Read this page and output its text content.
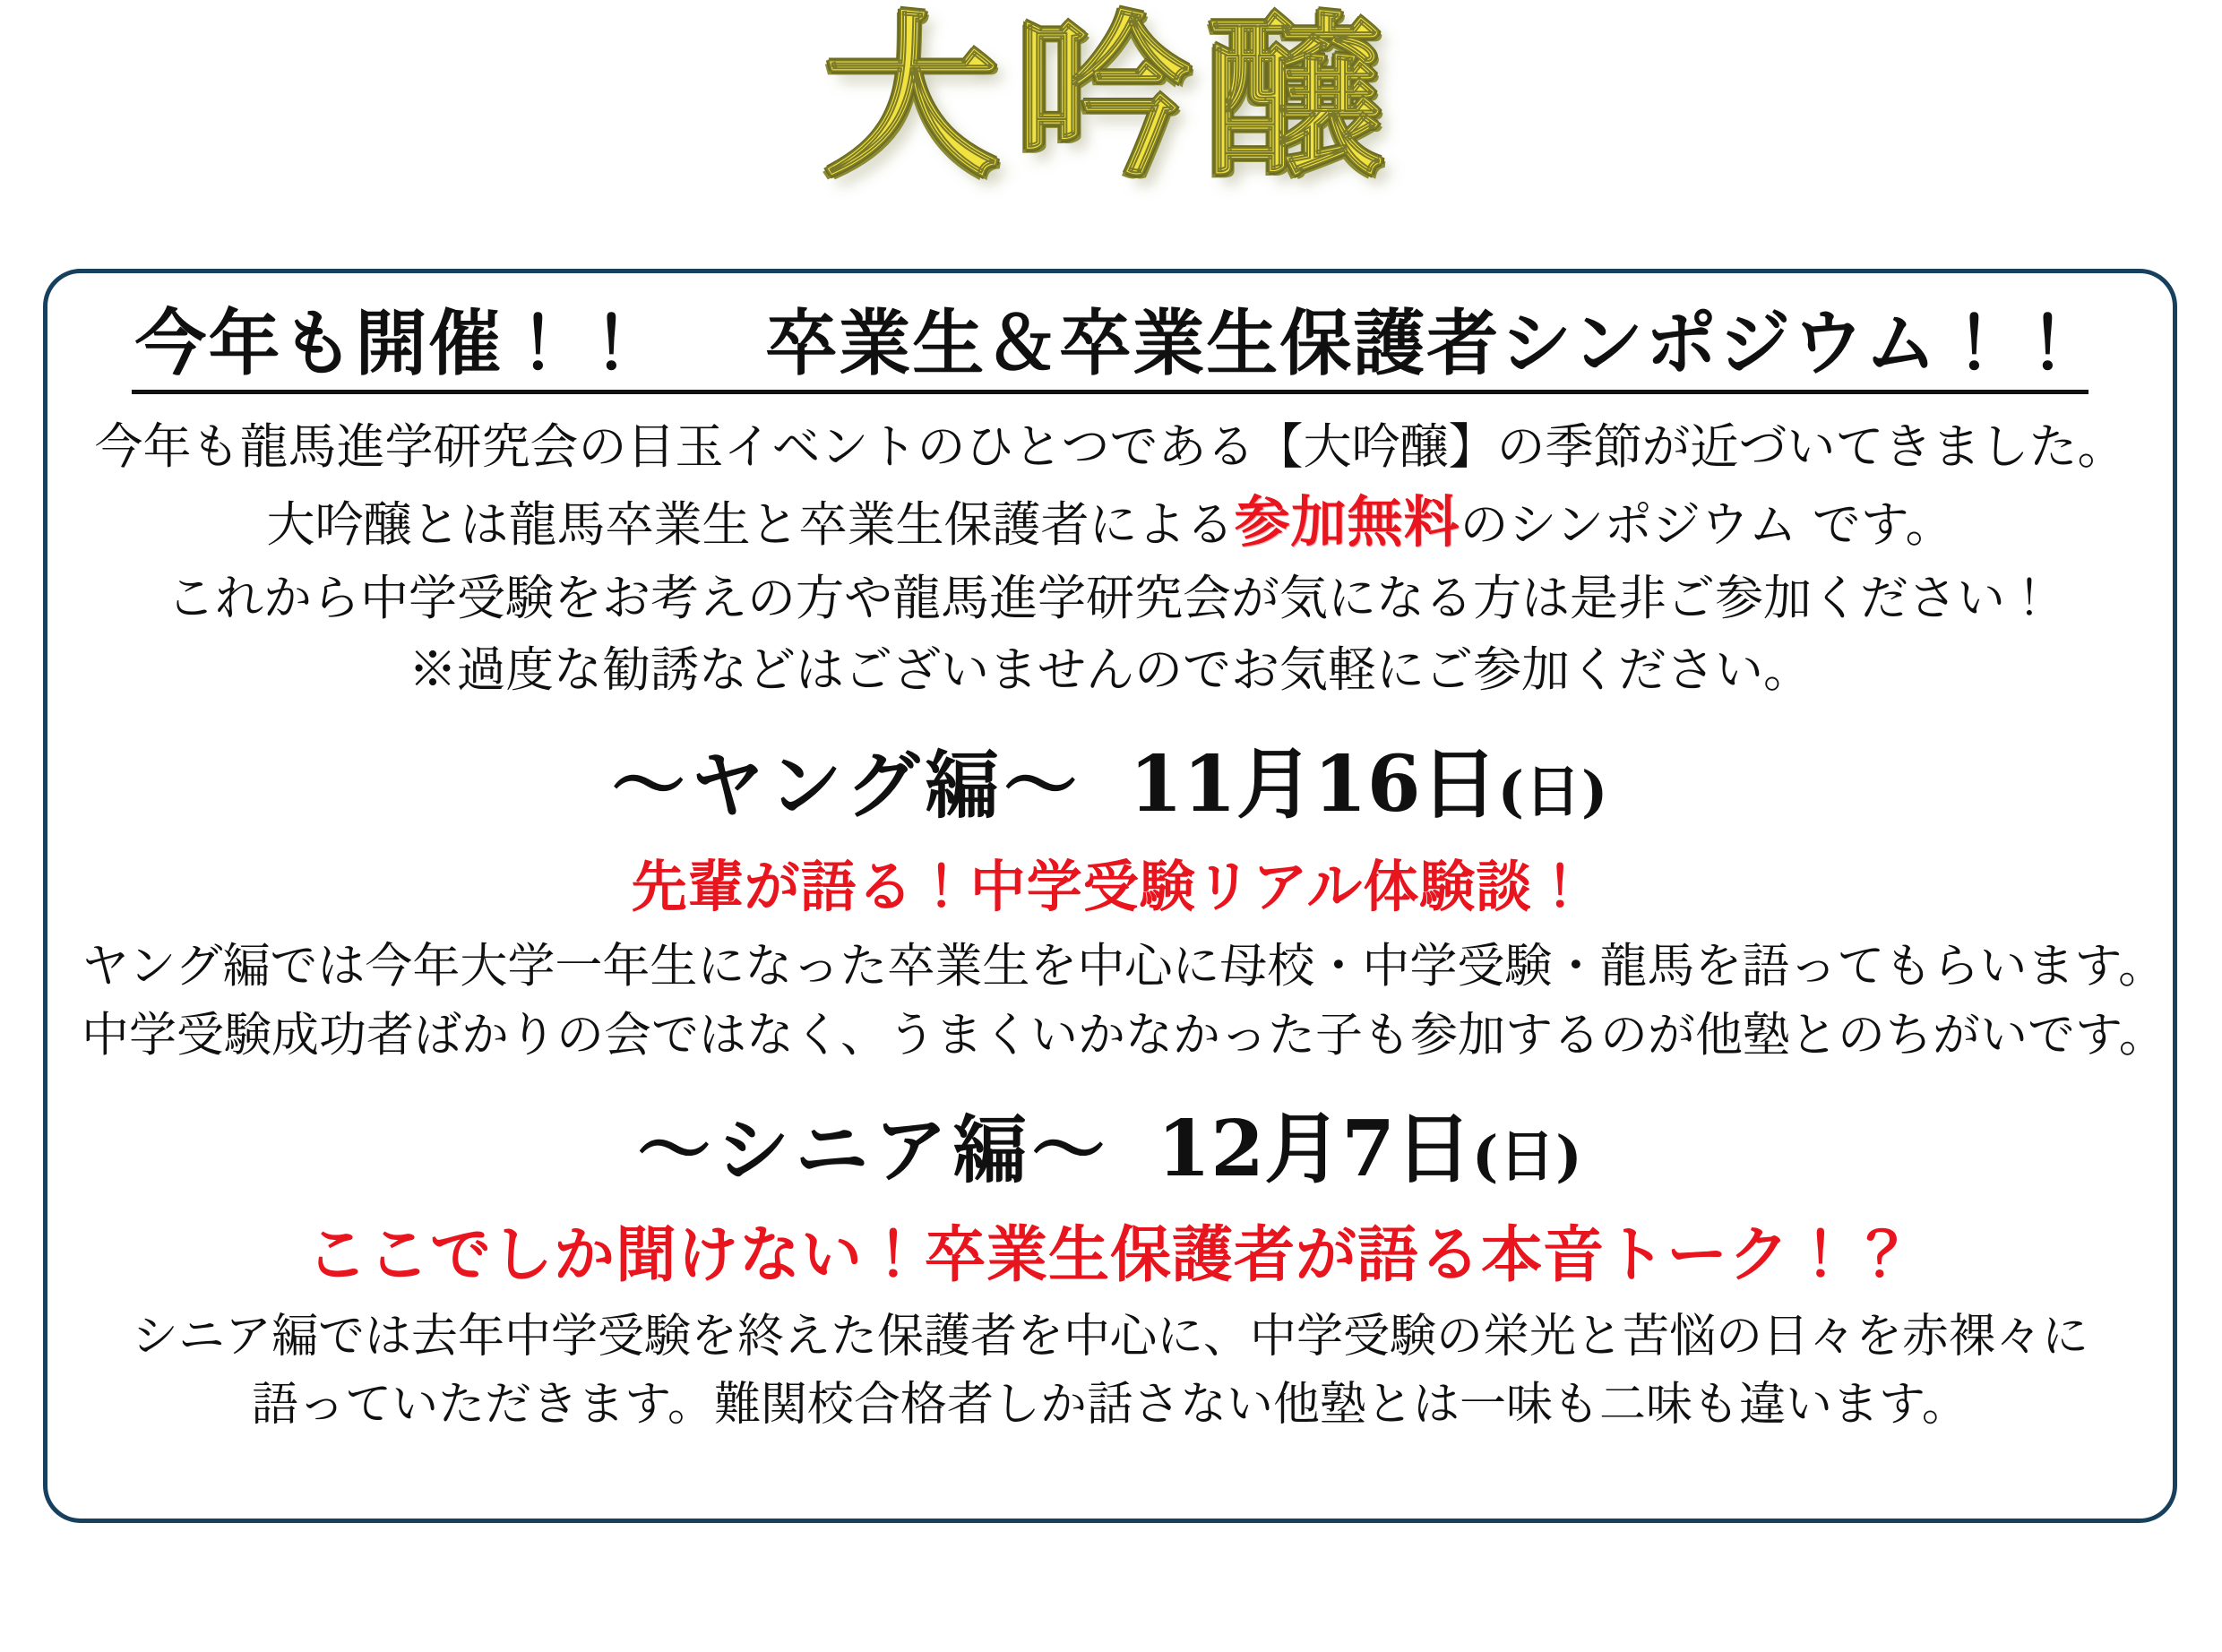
大吟醸
今年も開催！！ 卒業生＆卒業生保護者シンポジウム！！

今年も龍馬進学研究会の目玉イベントのひとつである【大吟醸】の季節が近づいてきました。

大吟醸とは龍馬卒業生と卒業生保護者による参加無料のシンポジウム です。

これから中学受験をお考えの方や龍馬進学研究会が気になる方は是非ご参加ください！

※過度な勧誘などはございませんのでお気軽にご参加ください。

〜ヤング編〜 11月16日(日)
先輩が語る！中学受験リアル体験談！

ヤング編では今年大学一年生になった卒業生を中心に母校・中学受験・龍馬を語ってもらいます。

中学受験成功者ばかりの会ではなく、うまくいかなかった子も参加するのが他塾とのちがいです。

〜シニア編〜 12月7日(日)
ここでしか聞けない！卒業生保護者が語る本音トーク！？

シニア編では去年中学受験を終えた保護者を中心に、中学受験の栄光と苦悩の日々を赤裸々に

語っていただきます。難関校合格者しか話さない他塾とは一味も二味も違います。
